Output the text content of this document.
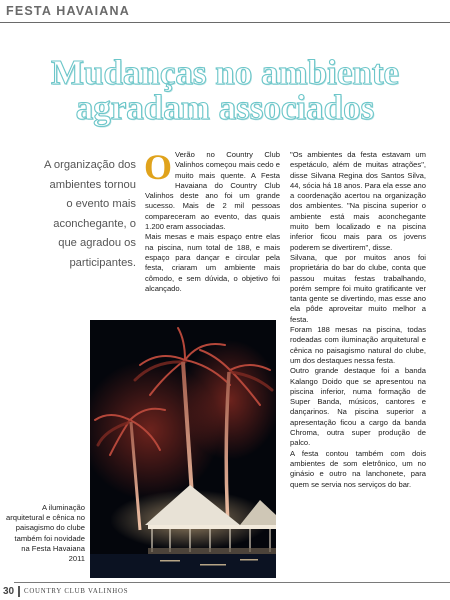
FESTA HAVAIANA
Mudanças no ambiente
agradam associados
A organização dos
ambientes tornou
o evento mais
aconchegante, o
que agradou os
participantes.
O Verão no Country Club Valinhos começou mais cedo e muito mais quente. A Festa Havaiana do Country Club Valinhos deste ano foi um grande sucesso. Mais de 2 mil pessoas compareceram ao evento, das quais 1.200 eram associadas.

Mais mesas e mais espaço entre elas na piscina, num total de 188, e mais espaço para dançar e circular pela festa, criaram um ambiente mais cômodo, e sem dúvida, o objetivo foi alcançado.

"Os ambientes da festa estavam um espetáculo, além de muitas atrações", disse Silvana Regina dos Santos Silva, 44, sócia há 18 anos. Para ela esse ano a coordenação acertou na organização dos ambientes. "Na piscina superior o ambiente está mais aconchegante muito bem localizado e na piscina inferior ficou mais para os jovens poderem se divertirem", disse.

Silvana, que por muitos anos foi proprietária do bar do clube, conta que passou muitas festas trabalhando, porém sempre foi muito gratificante ver tanta gente se divertindo, mas esse ano ela pôde aproveitar muito melhor a festa.

Foram 188 mesas na piscina, todas rodeadas com iluminação arquitetural e cênica no paisagismo natural do clube, um dos destaques nessa festa.

Outro grande destaque foi a banda Kalango Doido que se apresentou na piscina inferior, numa formação de Super Banda, músicos, cantores e dançarinos. Na piscina superior a apresentação ficou a cargo da banda Chroma, outra super produção de palco.

A festa contou também com dois ambientes de som eletrônico, um no ginásio e outro na lanchonete, para quem se servia nos serviços do bar.

A iluminação arquitetural e cênica no paisagismo do clube também foi novidade na Festa Havaiana 2011
30 COUNTRY CLUB VALINHOS
